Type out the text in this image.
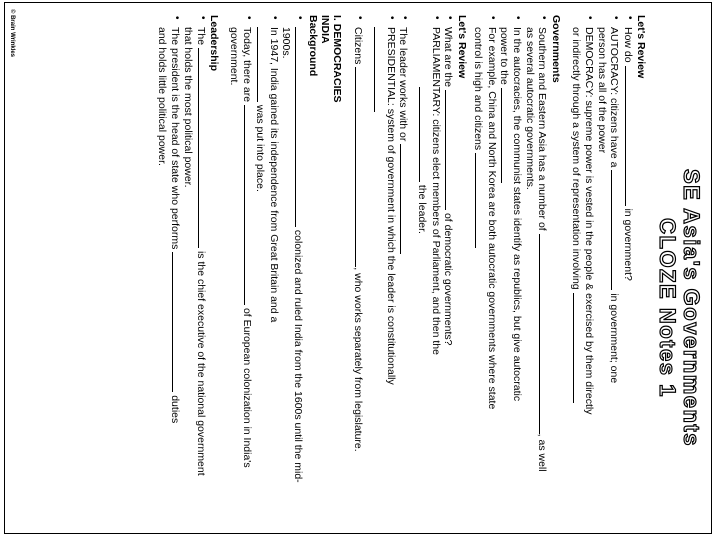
SE Asia's Governments
CLOZE Notes 1
Let's Review
• How do  in government?
• AUTOCRACY: citizens have a  in government; one
person has all of the power
• DEMOCRACY: supreme power is vested in the people & exercised by them directly
or indirectly through a system of representation involving
Governments
• Southern and Eastern Asia has a number of , as well
as several autocratic governments.
• In the autocracies, the communist states identify as republics, but give autocratic
power to the
• For example, China and North Korea are both autocratic governments where state
control is high and citizens
Let's Review
• What are the  of democratic governments?
• PARLIAMENTARY: citizens elect members of Parliament, and then the
the leader.
• The leader works with or
• PRESIDENTIAL: system of government in which the leader is constitutionally

• Citizens , who works separately from legislature.
I. DEMOCRACIES
INDIA
Background
• colonized and ruled India from the 1600s until the mid-
1900s.
• In 1947, India gained its independence from Great Britain and a
was put into place.
• Today, there are  of European colonization in India's
government.
Leadership
• The  is the chief executive of the national government
that holds the most political power.
• The president is the head of state who performs  duties
and holds little political power.
© Brain Wrinkles
